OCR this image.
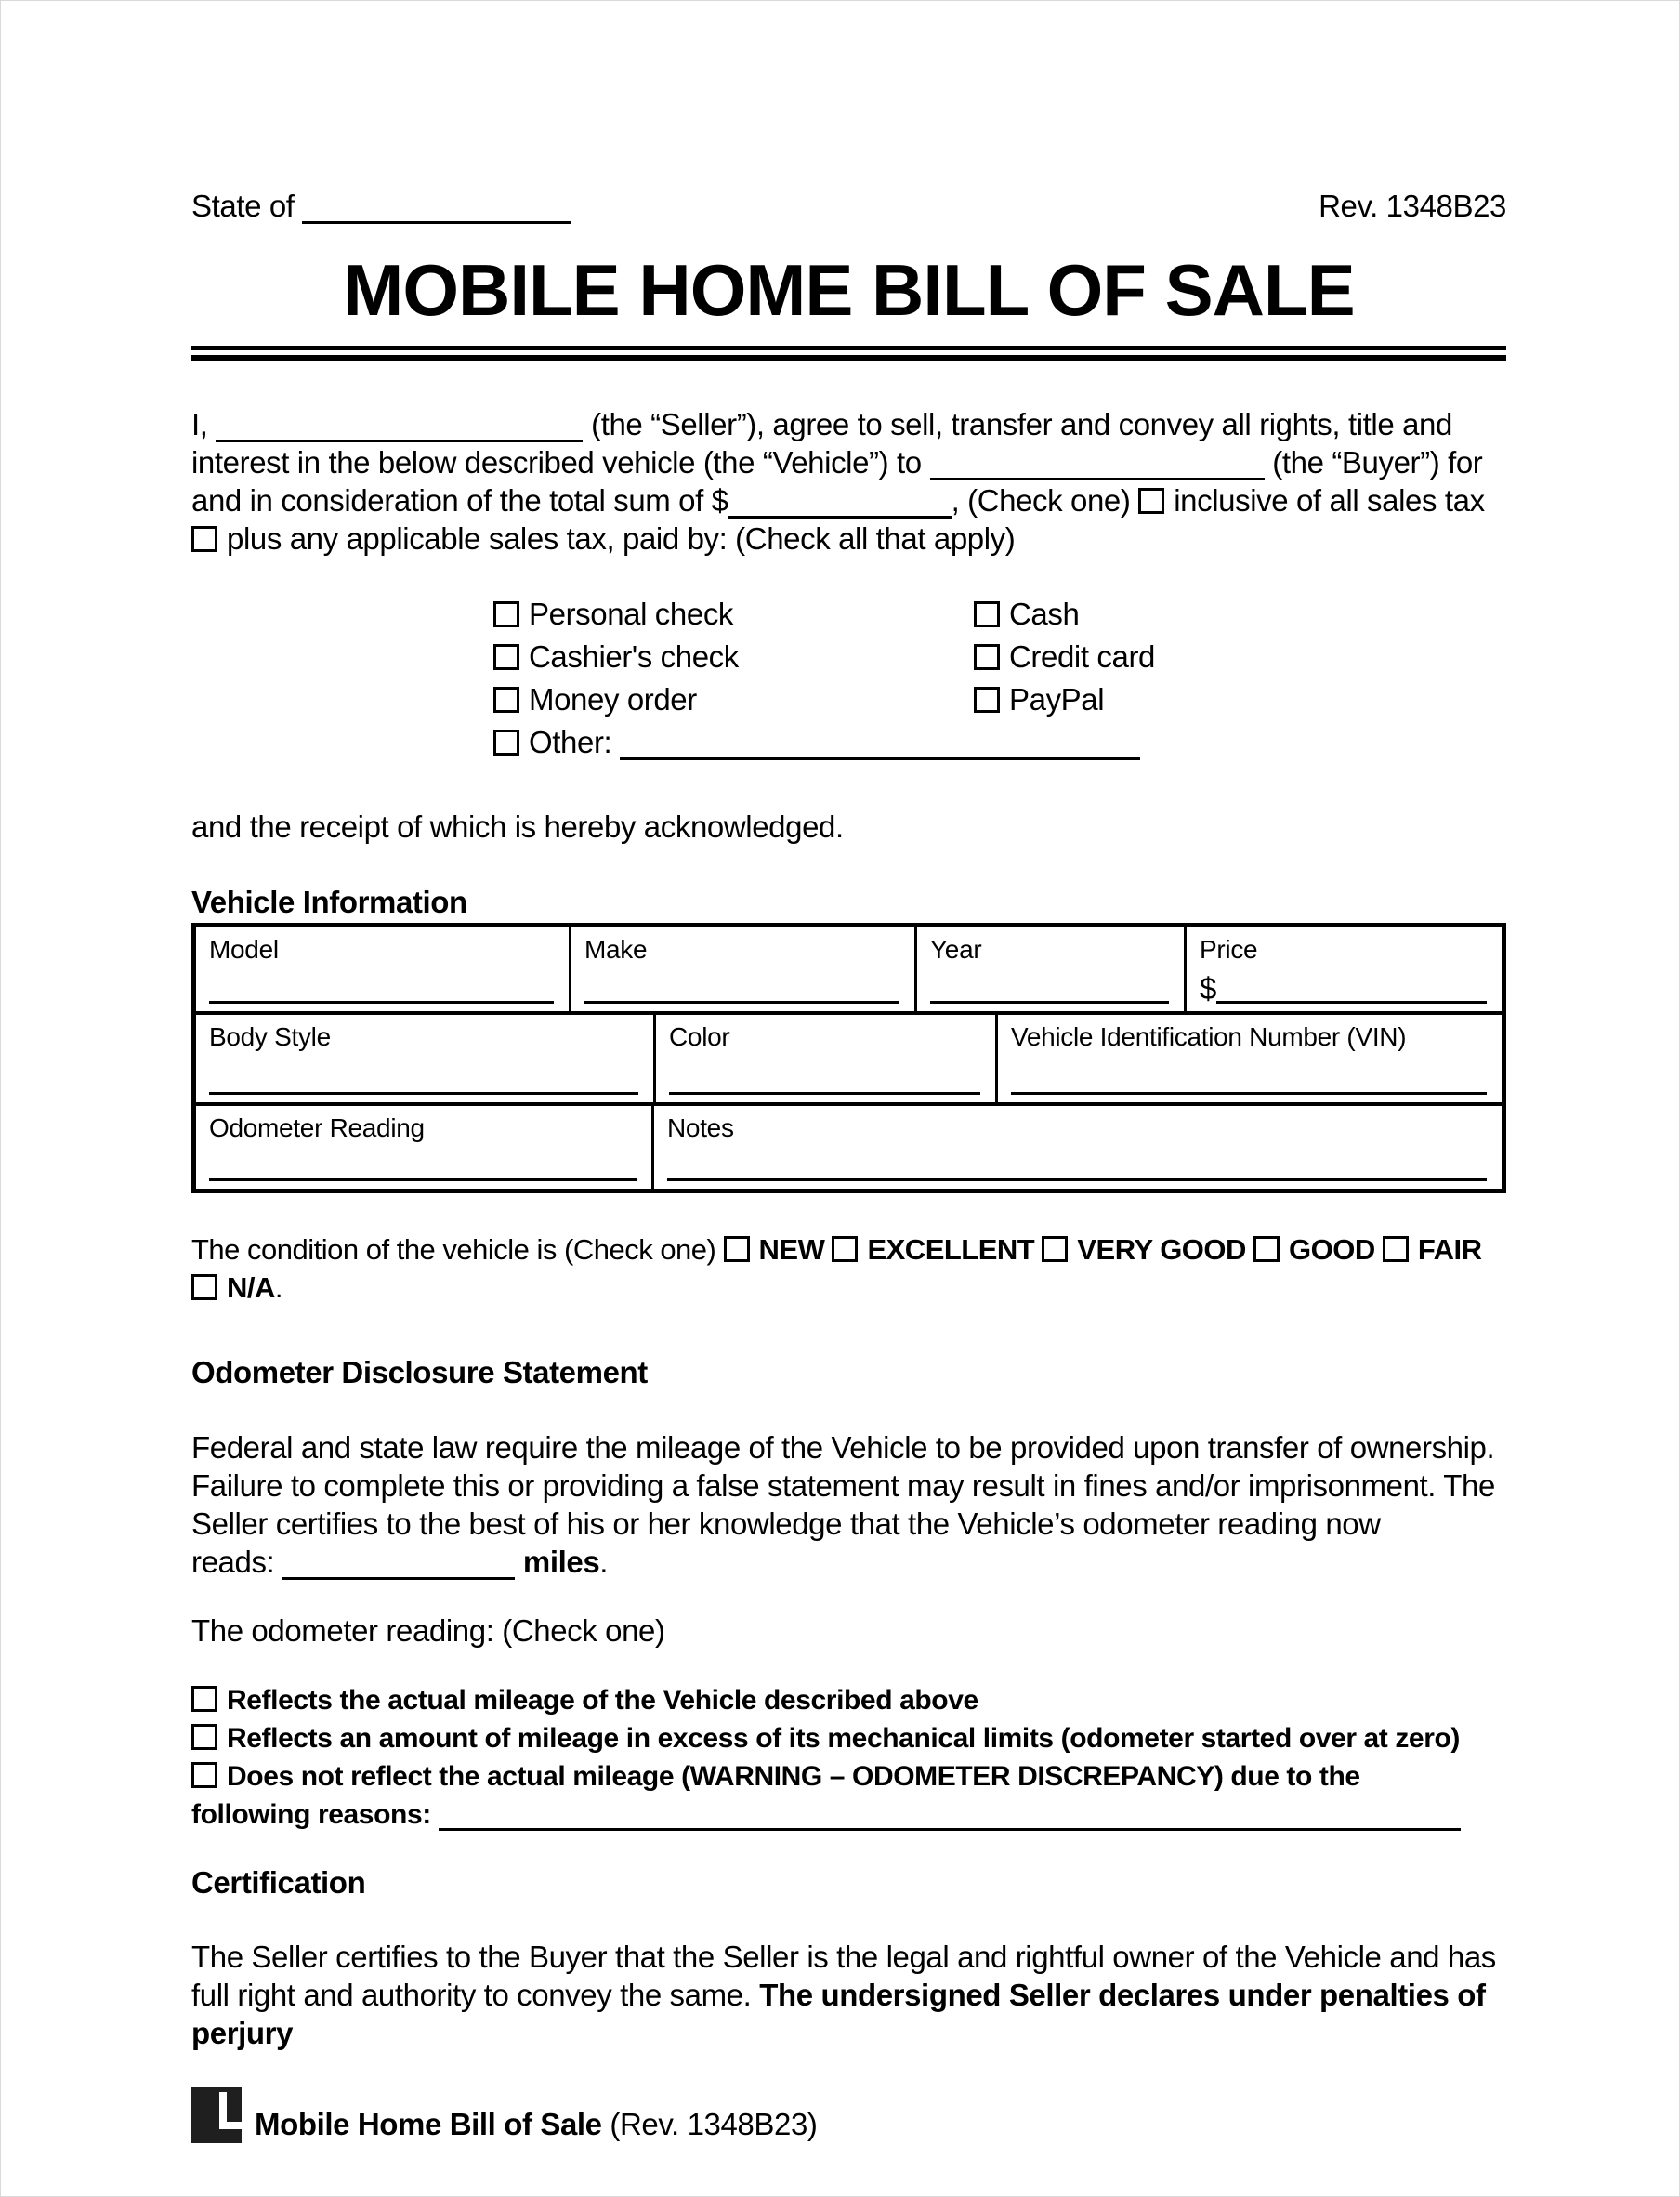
State of	Rev. 1348B23
MOBILE HOME BILL OF SALE
I,	(the “Seller”), agree to sell, transfer and convey all rights, title and
interest in the below described vehicle (the “Vehicle”) to	(the “Buyer”) for
and in consideration of the total sum of $	, (Check one) inclusive of all sales tax
plus any applicable sales tax, paid by: (Check all that apply)
Personal check	Cash
Cashier's check	Credit card
Money order	PayPal
Other:
and the receipt of which is hereby acknowledged.
Vehicle Information
Model	Make	Year	Price
$
Body Style	Color	Vehicle Identification Number (VIN)
Odometer Reading	Notes
The condition of the vehicle is (Check one) NEW EXCELLENT VERY GOOD GOOD FAIR
N/A.
Odometer Disclosure Statement
Federal and state law require the mileage of the Vehicle to be provided upon transfer of ownership. Failure to complete this or providing a false statement may result in fines and/or imprisonment. The Seller certifies to the best of his or her knowledge that the Vehicle’s odometer reading now
reads:	miles.
The odometer reading: (Check one)
Reflects the actual mileage of the Vehicle described above
Reflects an amount of mileage in excess of its mechanical limits (odometer started over at zero)
Does not reflect the actual mileage (WARNING – ODOMETER DISCREPANCY) due to the
following reasons:
Certification
The Seller certifies to the Buyer that the Seller is the legal and rightful owner of the Vehicle and has full right and authority to convey the same. The undersigned Seller declares under penalties of perjury
Mobile Home Bill of Sale (Rev. 1348B23)
